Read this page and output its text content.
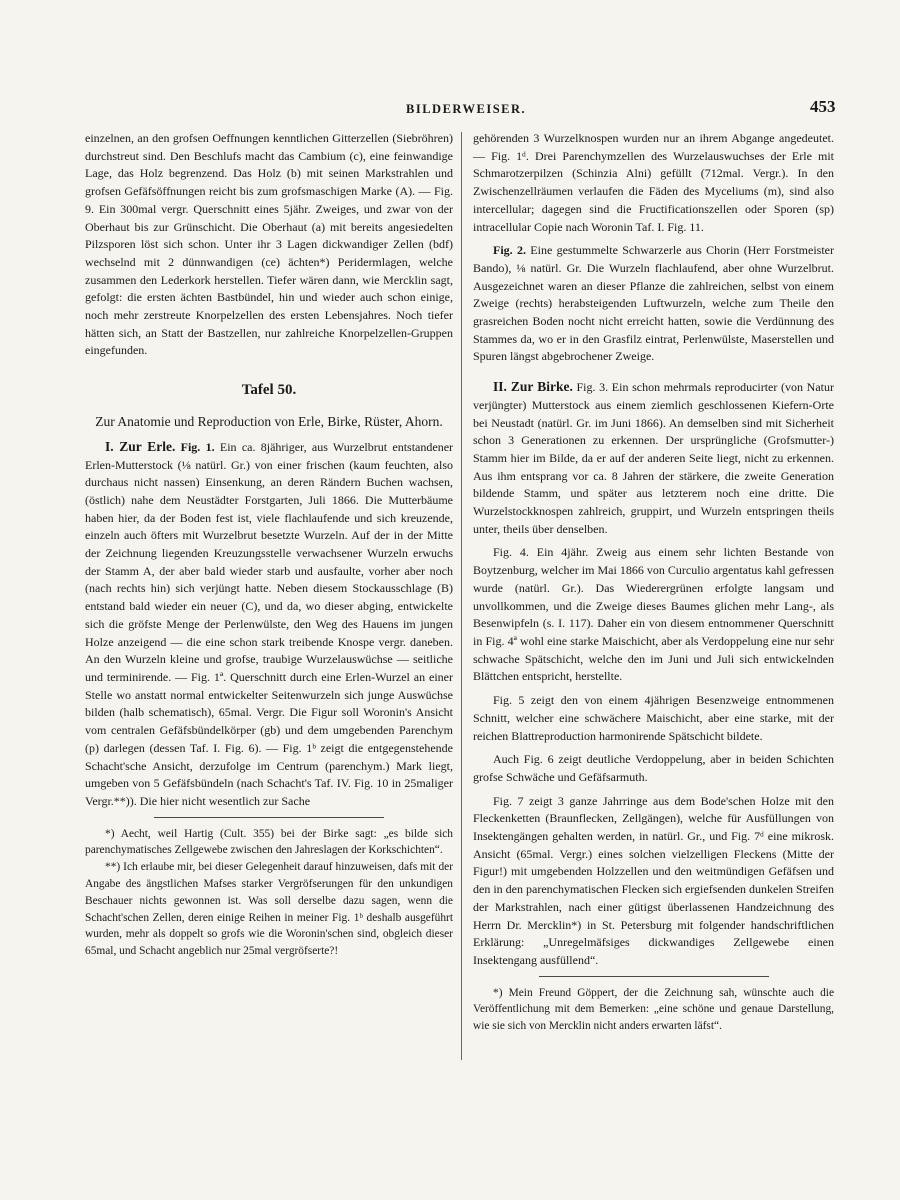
BILDERWEISER.	453

einzelnen, an den grofsen Oeffnungen kenntlichen Gitterzellen (Siebröhren) durchstreut sind. Den Beschlufs macht das Cambium (c), eine feinwandige Lage, das Holz begrenzend. Das Holz (b) mit seinen Markstrahlen und grofsen Gefäfsöffnungen reicht bis zum grofsmaschigen Marke (A). — Fig. 9. Ein 300mal vergr. Querschnitt eines 5jähr. Zweiges, und zwar von der Oberhaut bis zur Grünschicht. Die Oberhaut (a) mit bereits angesiedelten Pilzsporen löst sich schon. Unter ihr 3 Lagen dickwandiger Zellen (bdf) wechselnd mit 2 dünnwandigen (ce) ächten*) Peridermlagen, welche zusammen den Lederkork herstellen. Tiefer wären dann, wie Mercklin sagt, gefolgt: die ersten ächten Bastbündel, hin und wieder auch schon einige, noch mehr zerstreute Knorpelzellen des ersten Lebensjahres. Noch tiefer hätten sich, an Statt der Bastzellen, nur zahlreiche Knorpelzellen-Gruppen eingefunden.

Tafel 50.
Zur Anatomie und Reproduction von Erle, Birke, Rüster, Ahorn.

I. Zur Erle. Fig. 1. Ein ca. 8jähriger, aus Wurzelbrut entstandener Erlen-Mutterstock (⅛ natürl. Gr.) von einer frischen (kaum feuchten, also durchaus nicht nassen) Einsenkung, an deren Rändern Buchen wachsen, (östlich) nahe dem Neustädter Forstgarten, Juli 1866. Die Mutterbäume haben hier, da der Boden fest ist, viele flachlaufende und sich kreuzende, einzeln auch öfters mit Wurzelbrut besetzte Wurzeln. Auf der in der Mitte der Zeichnung liegenden Kreuzungsstelle verwachsener Wurzeln erwuchs der Stamm A, der aber bald wieder starb und ausfaulte, vorher aber noch (nach rechts hin) sich verjüngt hatte. Neben diesem Stockausschlage (B) entstand bald wieder ein neuer (C), und da, wo dieser abging, entwickelte sich die gröfste Menge der Perlenwülste, den Weg des Hauens im jungen Holze anzeigend — die eine schon stark treibende Knospe vergr. daneben. An den Wurzeln kleine und grofse, traubige Wurzelauswüchse — seitliche und terminirende. — Fig. 1ª. Querschnitt durch eine Erlen-Wurzel an einer Stelle wo anstatt normal entwickelter Seitenwurzeln sich junge Auswüchse bilden (halb schematisch), 65mal. Vergr. Die Figur soll Woronin's Ansicht vom centralen Gefäfsbündelkörper (gb) und dem umgebenden Parenchym (p) darlegen (dessen Taf. I. Fig. 6). — Fig. 1ᵇ zeigt die entgegenstehende Schacht'sche Ansicht, derzufolge im Centrum (parenchym.) Mark liegt, umgeben von 5 Gefäfsbündeln (nach Schacht's Taf. IV. Fig. 10 in 25maliger Vergr.**)). Die hier nicht wesentlich zur Sache

*) Aecht, weil Hartig (Cult. 355) bei der Birke sagt: „es bilde sich parenchymatisches Zellgewebe zwischen den Jahreslagen der Korkschichten“.

**) Ich erlaube mir, bei dieser Gelegenheit darauf hinzuweisen, dafs mit der Angabe des ängstlichen Mafses starker Vergröfserungen für den unkundigen Beschauer nichts gewonnen ist. Was soll derselbe dazu sagen, wenn die Schacht'schen Zellen, deren einige Reihen in meiner Fig. 1ᵇ deshalb ausgeführt wurden, mehr als doppelt so grofs wie die Woronin'schen sind, obgleich dieser 65mal, und Schacht angeblich nur 25mal vergröfserte?!

gehörenden 3 Wurzelknospen wurden nur an ihrem Abgange angedeutet. — Fig. 1ᵈ. Drei Parenchymzellen des Wurzelauswuchses der Erle mit Schmarotzerpilzen (Schinzia Alni) gefüllt (712mal. Vergr.). In den Zwischenzellräumen verlaufen die Fäden des Myceliums (m), sind also intercellular; dagegen sind die Fructificationszellen oder Sporen (sp) intracellular Copie nach Woronin Taf. I. Fig. 11.

Fig. 2. Eine gestummelte Schwarzerle aus Chorin (Herr Forstmeister Bando), ⅛ natürl. Gr. Die Wurzeln flachlaufend, aber ohne Wurzelbrut. Ausgezeichnet waren an dieser Pflanze die zahlreichen, selbst von einem Zweige (rechts) herabsteigenden Luftwurzeln, welche zum Theile den grasreichen Boden nocht nicht erreicht hatten, sowie die Verdünnung des Stammes da, wo er in den Grasfilz eintrat, Perlenwülste, Maserstellen und Spuren längst abgebrochener Zweige.

II. Zur Birke. Fig. 3. Ein schon mehrmals reproducirter (von Natur verjüngter) Mutterstock aus einem ziemlich geschlossenen Kiefern-Orte bei Neustadt (natürl. Gr. im Juni 1866). An demselben sind mit Sicherheit schon 3 Generationen zu erkennen. Der ursprüngliche (Grofsmutter-) Stamm hier im Bilde, da er auf der anderen Seite liegt, nicht zu erkennen. Aus ihm entsprang vor ca. 8 Jahren der stärkere, die zweite Generation bildende Stamm, und später aus letzterem noch eine dritte. Die Wurzelstockknospen zahlreich, gruppirt, und Wurzeln entspringen theils unter, theils über denselben.

Fig. 4. Ein 4jähr. Zweig aus einem sehr lichten Bestande von Boytzenburg, welcher im Mai 1866 von Curculio argentatus kahl gefressen wurde (natürl. Gr.). Das Wiederergrünen erfolgte langsam und unvollkommen, und die Zweige dieses Baumes glichen mehr Lang-, als Besenwipfeln (s. I. 117). Daher ein von diesem entnommener Querschnitt in Fig. 4ª wohl eine starke Maischicht, aber als Verdoppelung eine nur sehr schwache Spätschicht, welche den im Juni und Juli sich entwickelnden Blättchen entspricht, herstellte.

Fig. 5 zeigt den von einem 4jährigen Besenzweige entnommenen Schnitt, welcher eine schwächere Maischicht, aber eine starke, mit der reichen Blattreproduction harmonirende Spätschicht bildete.

Auch Fig. 6 zeigt deutliche Verdoppelung, aber in beiden Schichten grofse Schwäche und Gefäfsarmuth.

Fig. 7 zeigt 3 ganze Jahrringe aus dem Bode'schen Holze mit den Fleckenketten (Braunflecken, Zellgängen), welche für Ausfüllungen von Insektengängen gehalten werden, in natürl. Gr., und Fig. 7ᵈ eine mikrosk. Ansicht (65mal. Vergr.) eines solchen vielzelligen Fleckens (Mitte der Figur!) mit umgebenden Holzzellen und den weitmündigen Gefäfsen und den in den parenchymatischen Flecken sich ergiefsenden dunkelen Streifen der Markstrahlen, nach einer gütigst überlassenen Handzeichnung des Herrn Dr. Mercklin*) in St. Petersburg mit folgender handschriftlichen Erklärung: „Unregelmäfsiges dickwandiges Zellgewebe einen Insektengang ausfüllend“.

*) Mein Freund Göppert, der die Zeichnung sah, wünschte auch die Veröffentlichung mit dem Bemerken: „eine schöne und genaue Darstellung, wie sie sich von Mercklin nicht anders erwarten läfst“.
